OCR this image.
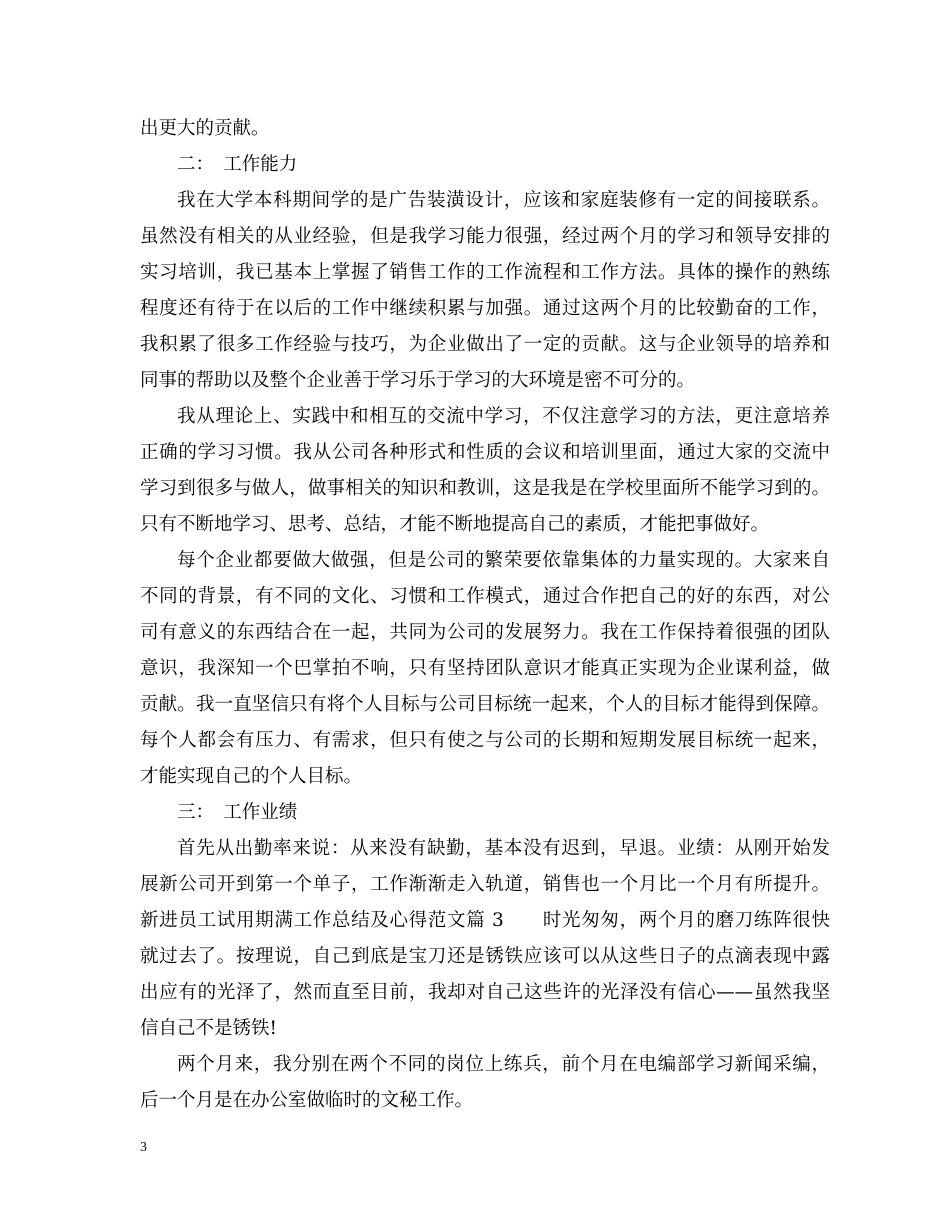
出更大的贡献。
二：　工作能力
我在大学本科期间学的是广告装潢设计，应该和家庭装修有一定的间接联系。
虽然没有相关的从业经验，但是我学习能力很强，经过两个月的学习和领导安排的
实习培训，我已基本上掌握了销售工作的工作流程和工作方法。具体的操作的熟练
程度还有待于在以后的工作中继续积累与加强。通过这两个月的比较勤奋的工作，
我积累了很多工作经验与技巧，为企业做出了一定的贡献。这与企业领导的培养和
同事的帮助以及整个企业善于学习乐于学习的大环境是密不可分的。
我从理论上、实践中和相互的交流中学习，不仅注意学习的方法，更注意培养
正确的学习习惯。我从公司各种形式和性质的会议和培训里面，通过大家的交流中
学习到很多与做人，做事相关的知识和教训，这是我是在学校里面所不能学习到的。
只有不断地学习、思考、总结，才能不断地提高自己的素质，才能把事做好。
每个企业都要做大做强，但是公司的繁荣要依靠集体的力量实现的。大家来自
不同的背景，有不同的文化、习惯和工作模式，通过合作把自己的好的东西，对公
司有意义的东西结合在一起，共同为公司的发展努力。我在工作保持着很强的团队
意识，我深知一个巴掌拍不响，只有坚持团队意识才能真正实现为企业谋利益，做
贡献。我一直坚信只有将个人目标与公司目标统一起来，个人的目标才能得到保障。
每个人都会有压力、有需求，但只有使之与公司的长期和短期发展目标统一起来，
才能实现自己的个人目标。
三：　工作业绩
首先从出勤率来说：从来没有缺勤，基本没有迟到，早退。业绩：从刚开始发
展新公司开到第一个单子，工作渐渐走入轨道，销售也一个月比一个月有所提升。
新进员工试用期满工作总结及心得范文篇 3　　时光匆匆，两个月的磨刀练阵很快
就过去了。按理说，自己到底是宝刀还是锈铁应该可以从这些日子的点滴表现中露
出应有的光泽了，然而直至目前，我却对自己这些许的光泽没有信心——虽然我坚
信自己不是锈铁!
两个月来，我分别在两个不同的岗位上练兵，前个月在电编部学习新闻采编，
后一个月是在办公室做临时的文秘工作。
3
